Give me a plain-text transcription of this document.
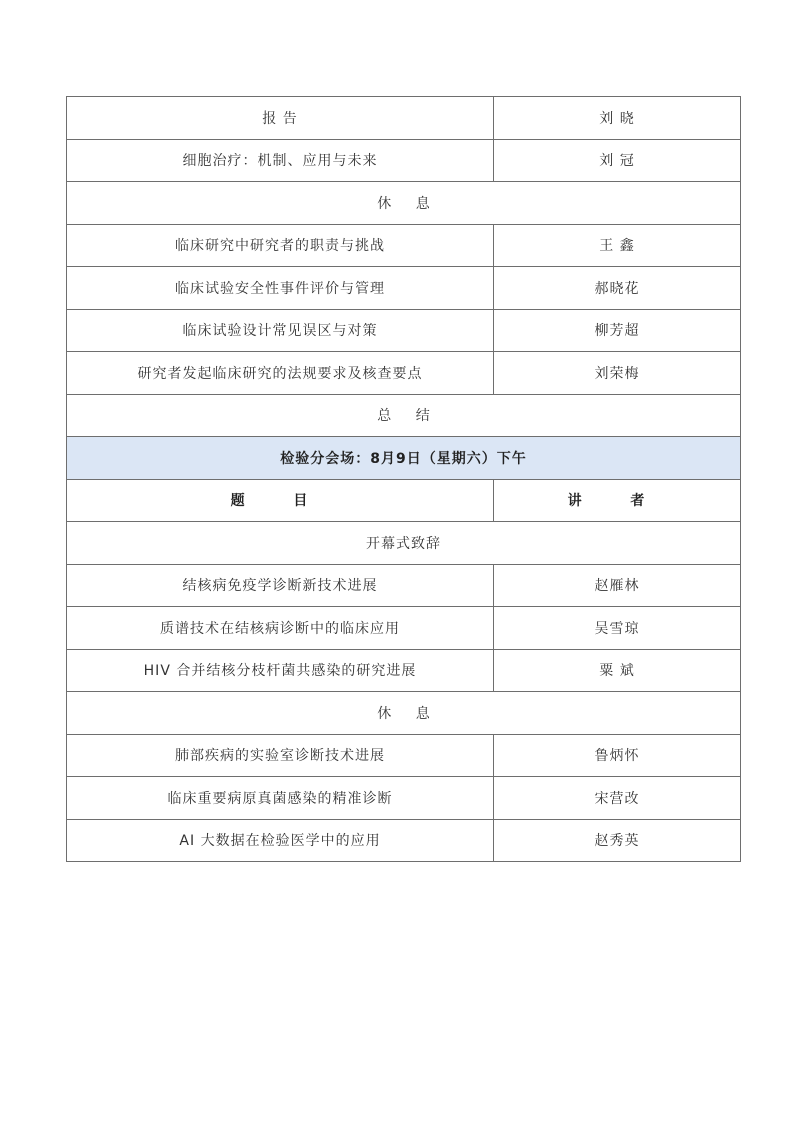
报 告	刘 晓
细胞治疗：机制、应用与未来	刘 冠
休 息	
临床研究中研究者的职责与挑战	王 鑫
临床试验安全性事件评价与管理	郝晓花
临床试验设计常见误区与对策	柳芳超
研究者发起临床研究的法规要求及核查要点	刘荣梅
总 结	
检验分会场：8月9日（星期六）下午	
题 目	讲 者
开幕式致辞	
结核病免疫学诊断新技术进展	赵雁林
质谱技术在结核病诊断中的临床应用	吴雪琼
HIV 合并结核分枝杆菌共感染的研究进展	粟 斌
休 息	
肺部疾病的实验室诊断技术进展	鲁炳怀
临床重要病原真菌感染的精准诊断	宋营改
AI 大数据在检验医学中的应用	赵秀英
